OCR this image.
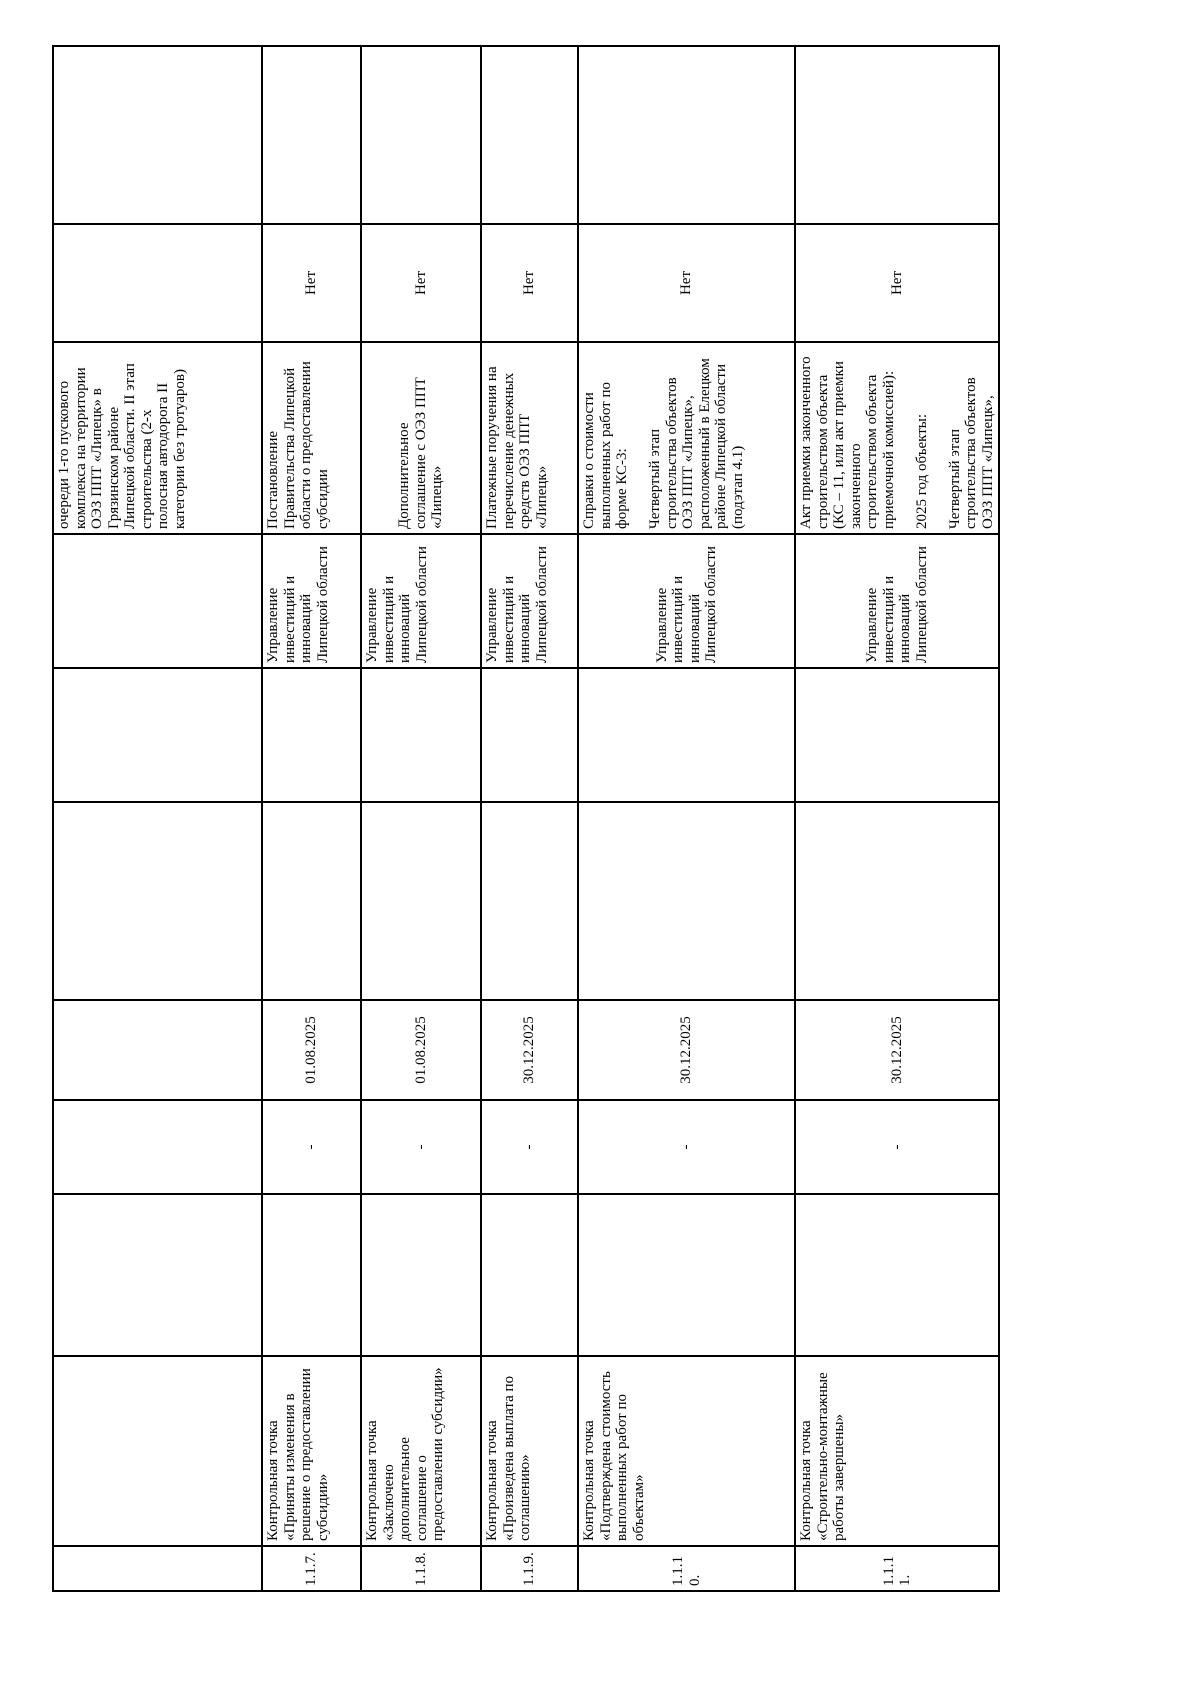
								очереди 1-го пускового комплекса на территории ОЭЗ ППТ «Липецк» в Грязинском районе Липецкой области. II этап строительства (2-х полосная автодорога II категории без тротуаров)		
1.1.7.	Контрольная точка «Приняты изменения в решение о предоставлении субсидии»		-	01.08.2025			Управление инвестиций и инноваций Липецкой области	Постановление Правительства Липецкой области о предоставлении субсидии	Нет	
1.1.8.	Контрольная точка «Заключено дополнительное соглашение о предоставлении субсидии»		-	01.08.2025			Управление инвестиций и инноваций Липецкой области	Дополнительное соглашение с ОЭЗ ППТ «Липецк»	Нет	
1.1.9.	Контрольная точка «Произведена выплата по соглашению»		-	30.12.2025			Управление инвестиций и инноваций Липецкой области	Платежные поручения на перечисление денежных средств ОЭЗ ППТ «Липецк»	Нет	
1.1.10.	Контрольная точка «Подтверждена стоимость выполненных работ по объектам»		-	30.12.2025			Управление инвестиций и инноваций Липецкой области	Справки о стоимости выполненных работ по форме КС-3:

Четвертый этап строительства объектов ОЭЗ ППТ «Липецк», расположенный в Елецком районе Липецкой области (подэтап 4.1)	Нет	
1.1.11.	Контрольная точка «Строительно-монтажные работы завершены»		-	30.12.2025			Управление инвестиций и инноваций Липецкой области	Акт приемки законченного строительством объекта (КС – 11, или акт приемки законченного строительством объекта приемочной комиссией):

2025 год объекты:

Четвертый этап строительства объектов ОЭЗ ППТ «Липецк»,	Нет	
